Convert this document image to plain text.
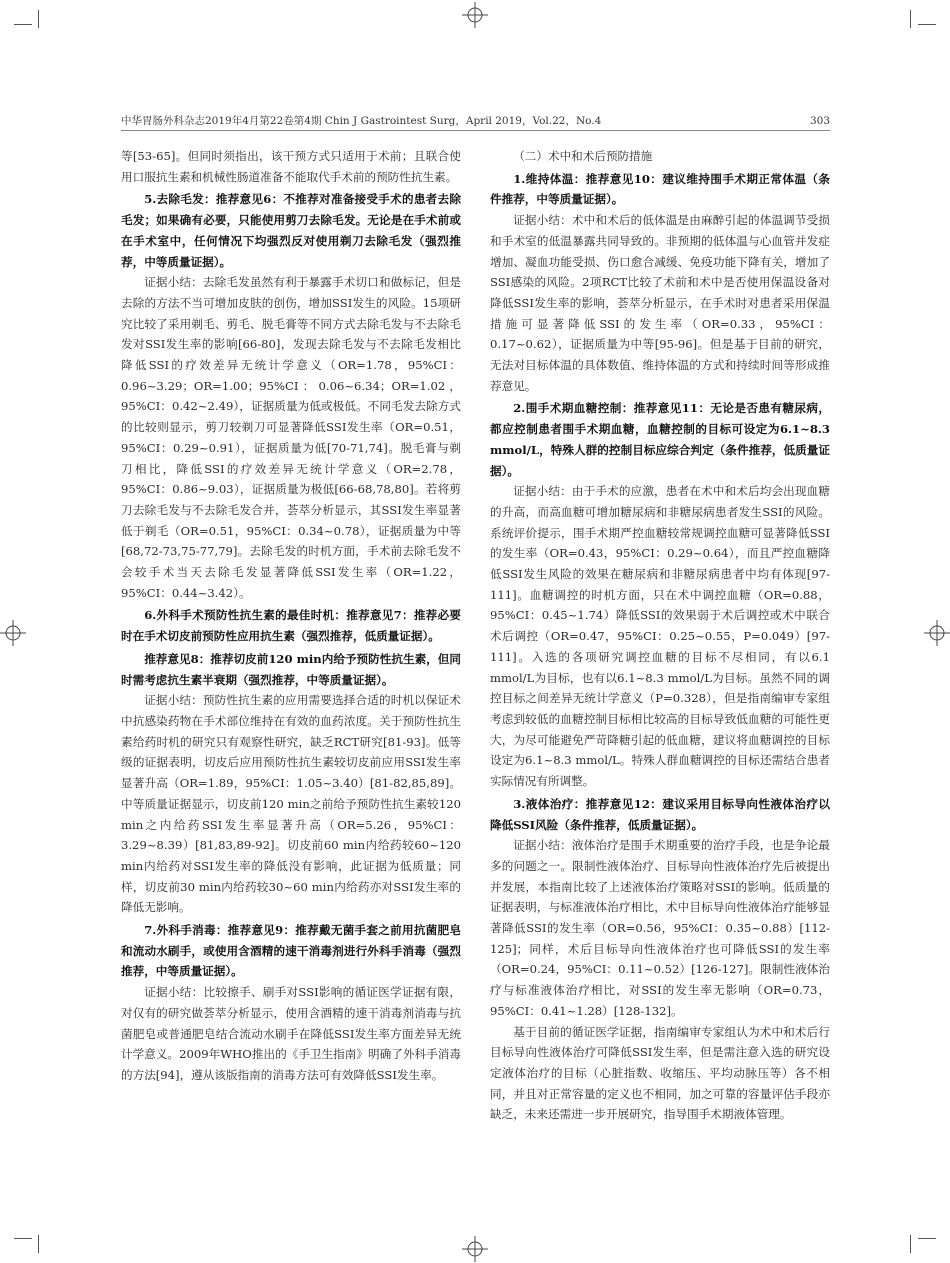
中华胃肠外科杂志2019年4月第22卷第4期 Chin J Gastrointest Surg，April 2019，Vol.22，No.4	303

等[53-65]。但同时须指出，该干预方式只适用于术前；且联合使用口服抗生素和机械性肠道准备不能取代手术前的预防性抗生素。

5.去除毛发：推荐意见6：不推荐对准备接受手术的患者去除毛发；如果确有必要，只能使用剪刀去除毛发。无论是在手术前或在手术室中，任何情况下均强烈反对使用剃刀去除毛发（强烈推荐，中等质量证据）。

证据小结：去除毛发虽然有利于暴露手术切口和做标记，但是去除的方法不当可增加皮肤的创伤，增加SSI发生的风险。15项研究比较了采用剃毛、剪毛、脱毛膏等不同方式去除毛发与不去除毛发对SSI发生率的影响[66-80]，发现去除毛发与不去除毛发相比降低SSI的疗效差异无统计学意义（OR=1.78，95%CI：0.96~3.29；OR=1.00；95%CI：0.06~6.34；OR=1.02，95%CI：0.42~2.49），证据质量为低或极低。不同毛发去除方式的比较则显示，剪刀较剃刀可显著降低SSI发生率（OR=0.51，95%CI：0.29~0.91），证据质量为低[70-71,74]。脱毛膏与剃刀相比，降低SSI的疗效差异无统计学意义（OR=2.78，95%CI：0.86~9.03），证据质量为极低[66-68,78,80]。若将剪刀去除毛发与不去除毛发合并，荟萃分析显示，其SSI发生率显著低于剃毛（OR=0.51，95%CI：0.34~0.78），证据质量为中等[68,72-73,75-77,79]。去除毛发的时机方面，手术前去除毛发不会较手术当天去除毛发显著降低SSI发生率（OR=1.22，95%CI：0.44~3.42）。

6.外科手术预防性抗生素的最佳时机：推荐意见7：推荐必要时在手术切皮前预防性应用抗生素（强烈推荐，低质量证据）。

推荐意见8：推荐切皮前120 min内给予预防性抗生素，但同时需考虑抗生素半衰期（强烈推荐，中等质量证据）。

证据小结：预防性抗生素的应用需要选择合适的时机以保证术中抗感染药物在手术部位维持在有效的血药浓度。关于预防性抗生素给药时机的研究只有观察性研究，缺乏RCT研究[81-93]。低等级的证据表明，切皮后应用预防性抗生素较切皮前应用SSI发生率显著升高（OR=1.89，95%CI：1.05~3.40）[81-82,85,89]。中等质量证据显示，切皮前120 min之前给予预防性抗生素较120 min之内给药SSI发生率显著升高（OR=5.26，95%CI：3.29~8.39）[81,83,89-92]。切皮前60 min内给药较60~120 min内给药对SSI发生率的降低没有影响，此证据为低质量；同样，切皮前30 min内给药较30~60 min内给药亦对SSI发生率的降低无影响。

7.外科手消毒：推荐意见9：推荐戴无菌手套之前用抗菌肥皂和流动水刷手，或使用含酒精的速干消毒剂进行外科手消毒（强烈推荐，中等质量证据）。

证据小结：比较擦手、刷手对SSI影响的循证医学证据有限，对仅有的研究做荟萃分析显示，使用含酒精的速干消毒剂消毒与抗菌肥皂或普通肥皂结合流动水刷手在降低SSI发生率方面差异无统计学意义。2009年WHO推出的《手卫生指南》明确了外科手消毒的方法[94]，遵从该版指南的消毒方法可有效降低SSI发生率。

（二）术中和术后预防措施

1.维持体温：推荐意见10：建议维持围手术期正常体温（条件推荐，中等质量证据）。

证据小结：术中和术后的低体温是由麻醉引起的体温调节受损和手术室的低温暴露共同导致的。非预期的低体温与心血管并发症增加、凝血功能受损、伤口愈合减缓、免疫功能下降有关，增加了SSI感染的风险。2项RCT比较了术前和术中是否使用保温设备对降低SSI发生率的影响，荟萃分析显示，在手术时对患者采用保温措施可显著降低SSI的发生率（OR=0.33，95%CI：0.17~0.62），证据质量为中等[95-96]。但是基于目前的研究，无法对目标体温的具体数值、维持体温的方式和持续时间等形成推荐意见。

2.围手术期血糖控制：推荐意见11：无论是否患有糖尿病，都应控制患者围手术期血糖，血糖控制的目标可设定为6.1~8.3 mmol/L，特殊人群的控制目标应综合判定（条件推荐，低质量证据）。

证据小结：由于手术的应激，患者在术中和术后均会出现血糖的升高，而高血糖可增加糖尿病和非糖尿病患者发生SSI的风险。系统评价提示，围手术期严控血糖较常规调控血糖可显著降低SSI的发生率（OR=0.43，95%CI：0.29~0.64），而且严控血糖降低SSI发生风险的效果在糖尿病和非糖尿病患者中均有体现[97-111]。血糖调控的时机方面，只在术中调控血糖（OR=0.88，95%CI：0.45~1.74）降低SSI的效果弱于术后调控或术中联合术后调控（OR=0.47，95%CI：0.25~0.55，P=0.049）[97-111]。入选的各项研究调控血糖的目标不尽相同，有以6.1 mmol/L为目标，也有以6.1~8.3 mmol/L为目标。虽然不同的调控目标之间差异无统计学意义（P=0.328），但是指南编审专家组考虑到较低的血糖控制目标相比较高的目标导致低血糖的可能性更大，为尽可能避免严苛降糖引起的低血糖，建议将血糖调控的目标设定为6.1~8.3 mmol/L。特殊人群血糖调控的目标还需结合患者实际情况有所调整。

3.液体治疗：推荐意见12：建议采用目标导向性液体治疗以降低SSI风险（条件推荐，低质量证据）。

证据小结：液体治疗是围手术期重要的治疗手段，也是争论最多的问题之一。限制性液体治疗、目标导向性液体治疗先后被提出并发展，本指南比较了上述液体治疗策略对SSI的影响。低质量的证据表明，与标准液体治疗相比，术中目标导向性液体治疗能够显著降低SSI的发生率（OR=0.56，95%CI：0.35~0.88）[112-125]；同样，术后目标导向性液体治疗也可降低SSI的发生率（OR=0.24，95%CI：0.11~0.52）[126-127]。限制性液体治疗与标准液体治疗相比，对SSI的发生率无影响（OR=0.73，95%CI：0.41~1.28）[128-132]。

基于目前的循证医学证据，指南编审专家组认为术中和术后行目标导向性液体治疗可降低SSI发生率，但是需注意入选的研究设定液体治疗的目标（心脏指数、收缩压、平均动脉压等）各不相同，并且对正常容量的定义也不相同，加之可靠的容量评估手段亦缺乏，未来还需进一步开展研究，指导围手术期液体管理。
